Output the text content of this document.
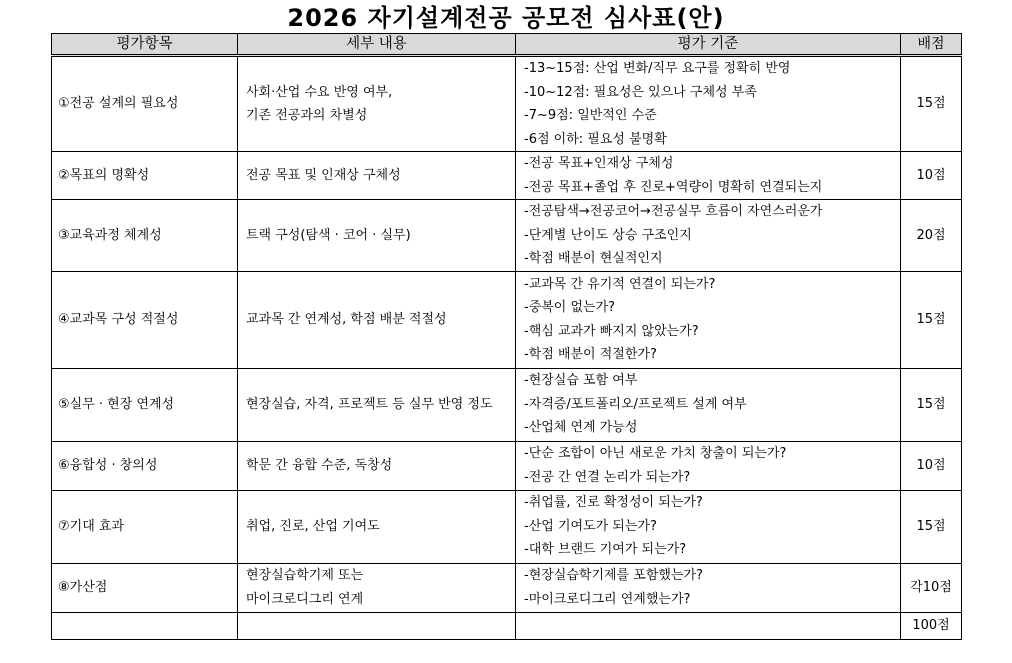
2026 자기설계전공 공모전 심사표(안)
평가항목	세부 내용	평가 기준	배점
①전공 설계의 필요성	사회·산업 수요 반영 여부,
기존 전공과의 차별성	-13~15점: 산업 변화/직무 요구를 정확히 반영
-10~12점: 필요성은 있으나 구체성 부족
-7~9점: 일반적인 수준
-6점 이하: 필요성 불명확	15점
②목표의 명확성	전공 목표 및 인재상 구체성	-전공 목표+인재상 구체성
-전공 목표+졸업 후 진로+역량이 명확히 연결되는지	10점
③교육과정 체계성	트랙 구성(탐색 · 코어 · 실무)	-전공탐색→전공코어→전공실무 흐름이 자연스러운가
-단계별 난이도 상승 구조인지
-학점 배분이 현실적인지	20점
④교과목 구성 적절성	교과목 간 연계성, 학점 배분 적절성	-교과목 간 유기적 연결이 되는가?
-중복이 없는가?
-핵심 교과가 빠지지 않았는가?
-학점 배분이 적절한가?	15점
⑤실무 · 현장 연계성	현장실습, 자격, 프로젝트 등 실무 반영 정도	-현장실습 포함 여부
-자격증/포트폴리오/프로젝트 설계 여부
-산업체 연계 가능성	15점
⑥융합성 · 창의성	학문 간 융합 수준, 독창성	-단순 조합이 아닌 새로운 가치 창출이 되는가?
-전공 간 연결 논리가 되는가?	10점
⑦기대 효과	취업, 진로, 산업 기여도	-취업률, 진로 확정성이 되는가?
-산업 기여도가 되는가?
-대학 브랜드 기여가 되는가?	15점
⑧가산점	현장실습학기제 또는
마이크로디그리 연계	-현장실습학기제를 포함했는가?
-마이크로디그리 연계했는가?	각10점
			100점
